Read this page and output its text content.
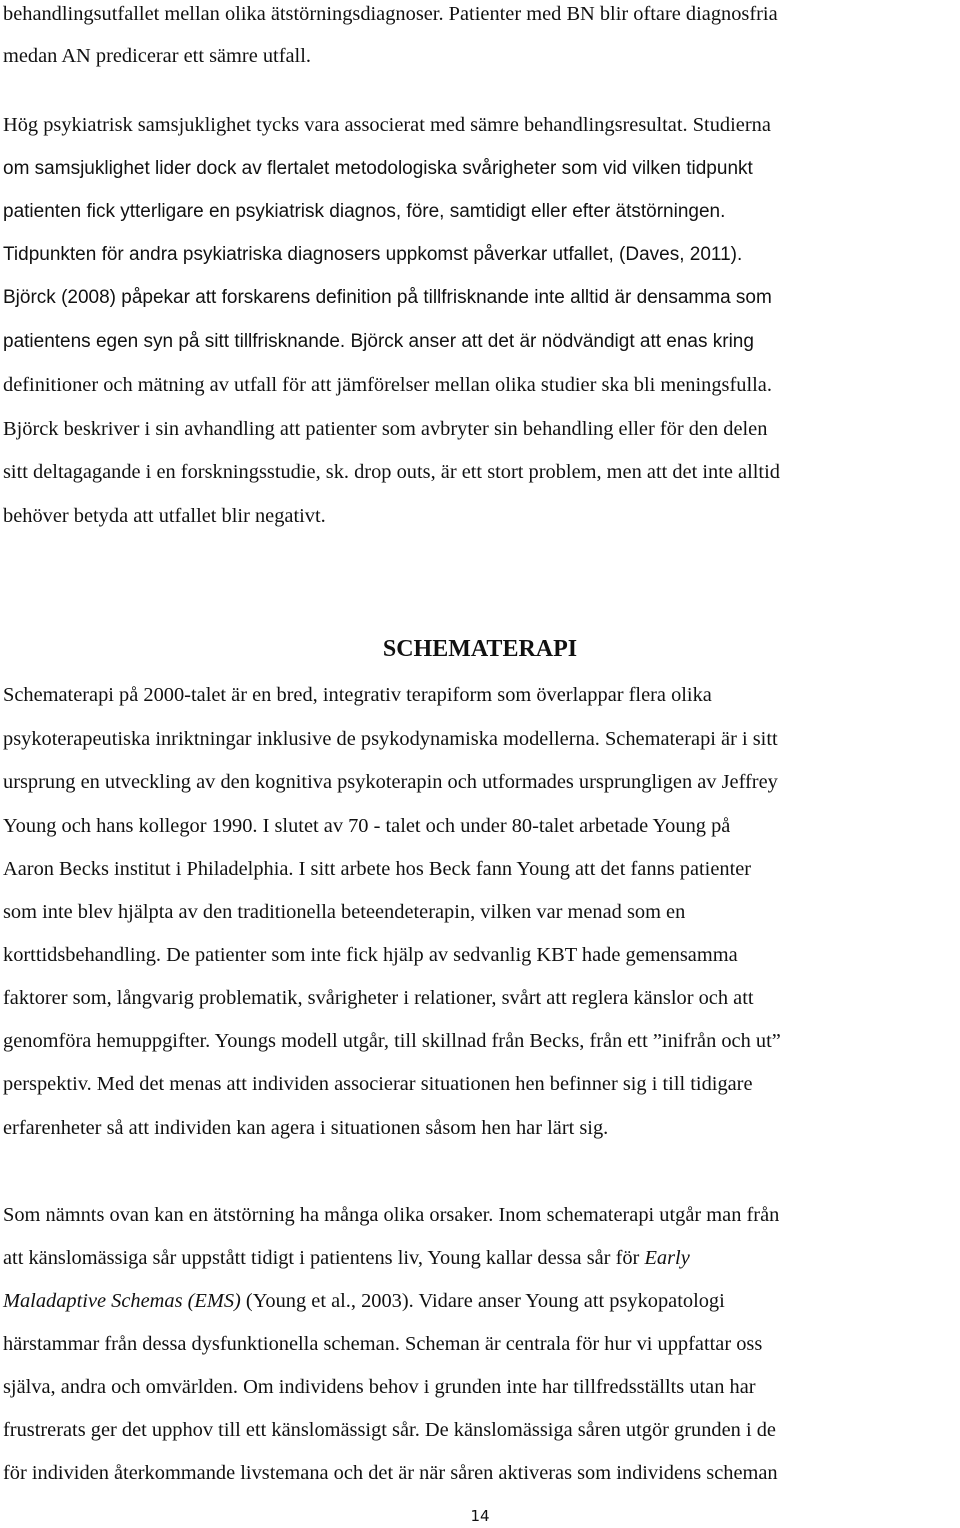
behandlingsutfallet mellan olika ätstörningsdiagnoser. Patienter med BN blir oftare diagnosfria

medan AN predicerar ett sämre utfall.

Hög psykiatrisk samsjuklighet tycks vara associerat med sämre behandlingsresultat. Studierna

om samsjuklighet lider dock av flertalet metodologiska svårigheter som vid vilken tidpunkt

patienten fick ytterligare en psykiatrisk diagnos, före, samtidigt eller efter ätstörningen.

Tidpunkten för andra psykiatriska diagnosers uppkomst påverkar utfallet, (Daves, 2011).

Björck (2008) påpekar att forskarens definition på tillfrisknande inte alltid är densamma som

patientens egen syn på sitt tillfrisknande. Björck anser att det är nödvändigt att enas kring

definitioner och mätning av utfall för att jämförelser mellan olika studier ska bli meningsfulla.

Björck beskriver i sin avhandling att patienter som avbryter sin behandling eller för den delen

sitt deltagagande i en forskningsstudie, sk. drop outs, är ett stort problem, men att det inte alltid

behöver betyda att utfallet blir negativt.

SCHEMATERAPI

Schematerapi på 2000-talet är en bred, integrativ terapiform som överlappar flera olika

psykoterapeutiska inriktningar inklusive de psykodynamiska modellerna. Schematerapi är i sitt

ursprung en utveckling av den kognitiva psykoterapin och utformades ursprungligen av Jeffrey

Young och hans kollegor 1990. I slutet av 70 - talet och under 80-talet arbetade Young på

Aaron Becks institut i Philadelphia. I sitt arbete hos Beck fann Young att det fanns patienter

som inte blev hjälpta av den traditionella beteendeterapin, vilken var menad som en

korttidsbehandling. De patienter som inte fick hjälp av sedvanlig KBT hade gemensamma

faktorer som, långvarig problematik, svårigheter i relationer, svårt att reglera känslor och att

genomföra hemuppgifter. Youngs modell utgår, till skillnad från Becks, från ett ”inifrån och ut”

perspektiv. Med det menas att individen associerar situationen hen befinner sig i till tidigare

erfarenheter så att individen kan agera i situationen såsom hen har lärt sig.

Som nämnts ovan kan en ätstörning ha många olika orsaker. Inom schematerapi utgår man från

att känslomässiga sår uppstått tidigt i patientens liv, Young kallar dessa sår för Early

Maladaptive Schemas (EMS) (Young et al., 2003). Vidare anser Young att psykopatologi

härstammar från dessa dysfunktionella scheman. Scheman är centrala för hur vi uppfattar oss

själva, andra och omvärlden. Om individens behov i grunden inte har tillfredsställts utan har

frustrerats ger det upphov till ett känslomässigt sår. De känslomässiga såren utgör grunden i de

för individen återkommande livstemana och det är när såren aktiveras som individens scheman

14
